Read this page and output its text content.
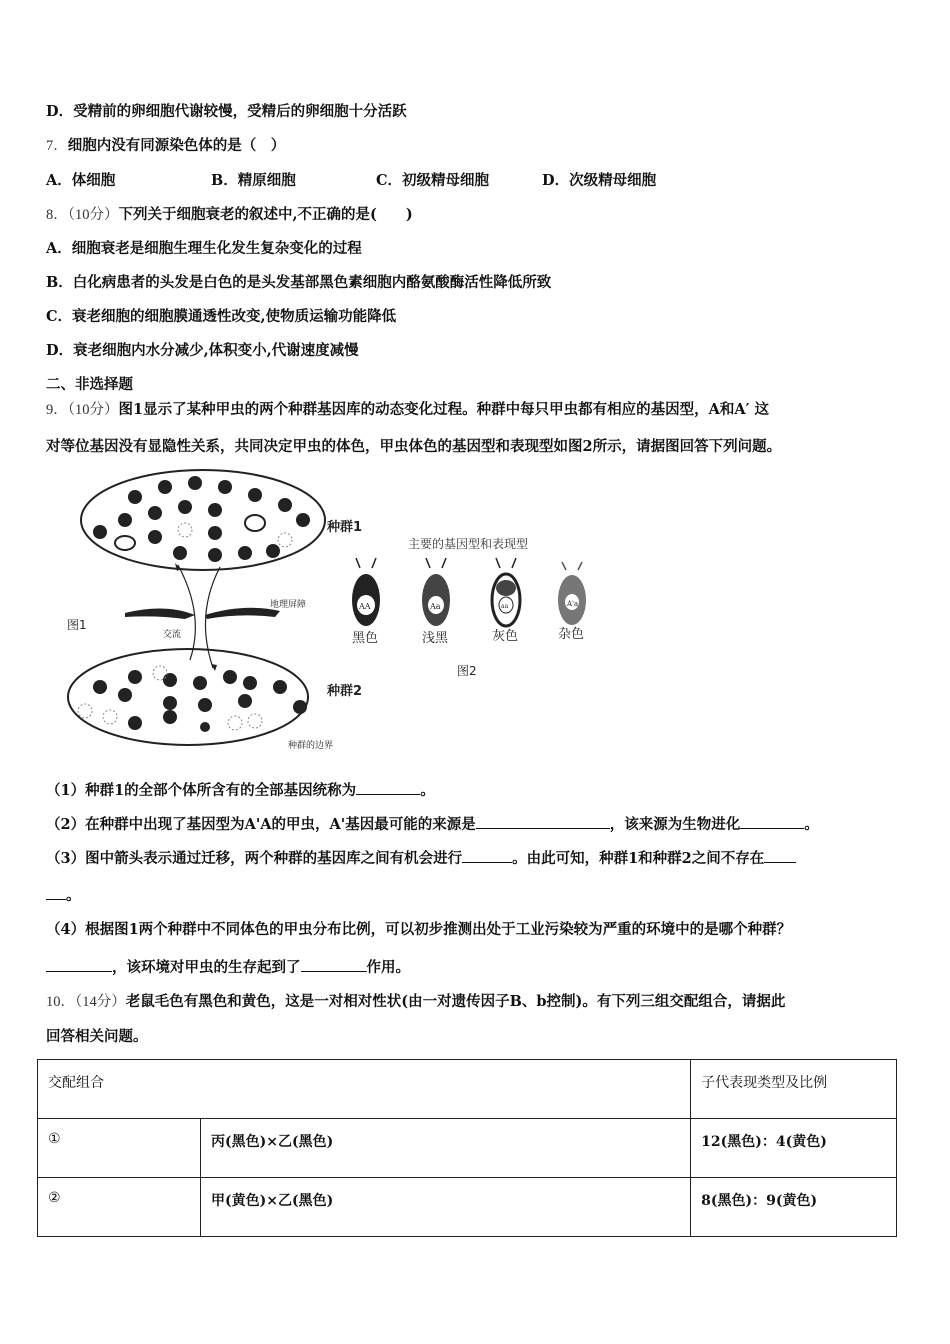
D．受精前的卵细胞代谢较慢，受精后的卵细胞十分活跃
7．细胞内没有同源染色体的是（　）
A．体细胞	B．精原细胞	C．初级精母细胞	D．次级精母细胞
8．（10分）下列关于细胞衰老的叙述中,不正确的是(　　)
A．细胞衰老是细胞生理生化发生复杂变化的过程
B．白化病患者的头发是白色的是头发基部黑色素细胞内酪氨酸酶活性降低所致
C．衰老细胞的细胞膜通透性改变,使物质运输功能降低
D．衰老细胞内水分减少,体积变小,代谢速度减慢
二、非选择题
9．（10分）图1显示了某种甲虫的两个种群基因库的动态变化过程。种群中每只甲虫都有相应的基因型，A和A′ 这
对等位基因没有显隐性关系，共同决定甲虫的体色，甲虫体色的基因型和表现型如图2所示，请据图回答下列问题。
图1
地理屏障
交流
种群的边界
种群1
种群2
主要的基因型和表现型
AA	Aa	aa	A'a
黑色	浅黑	灰色	杂色
图2
（1）种群1的全部个体所含有的全部基因统称为	。
（2）在种群中出现了基因型为A'A的甲虫，A'基因最可能的来源是	，该来源为生物进化	。
（3）图中箭头表示通过迁移，两个种群的基因库之间有机会进行	。由此可知，种群1和种群2之间不存在
。
（4）根据图1两个种群中不同体色的甲虫分布比例，可以初步推测出处于工业污染较为严重的环境中的是哪个种群？
，该环境对甲虫的生存起到了	作用。
10．（14分）老鼠毛色有黑色和黄色，这是一对相对性状(由一对遗传因子B、b控制)。有下列三组交配组合，请据此
回答相关问题。
交配组合		子代表现类型及比例
①	丙(黑色)×乙(黑色)	12(黑色)：4(黄色)
②	甲(黄色)×乙(黑色)	8(黑色)：9(黄色)
